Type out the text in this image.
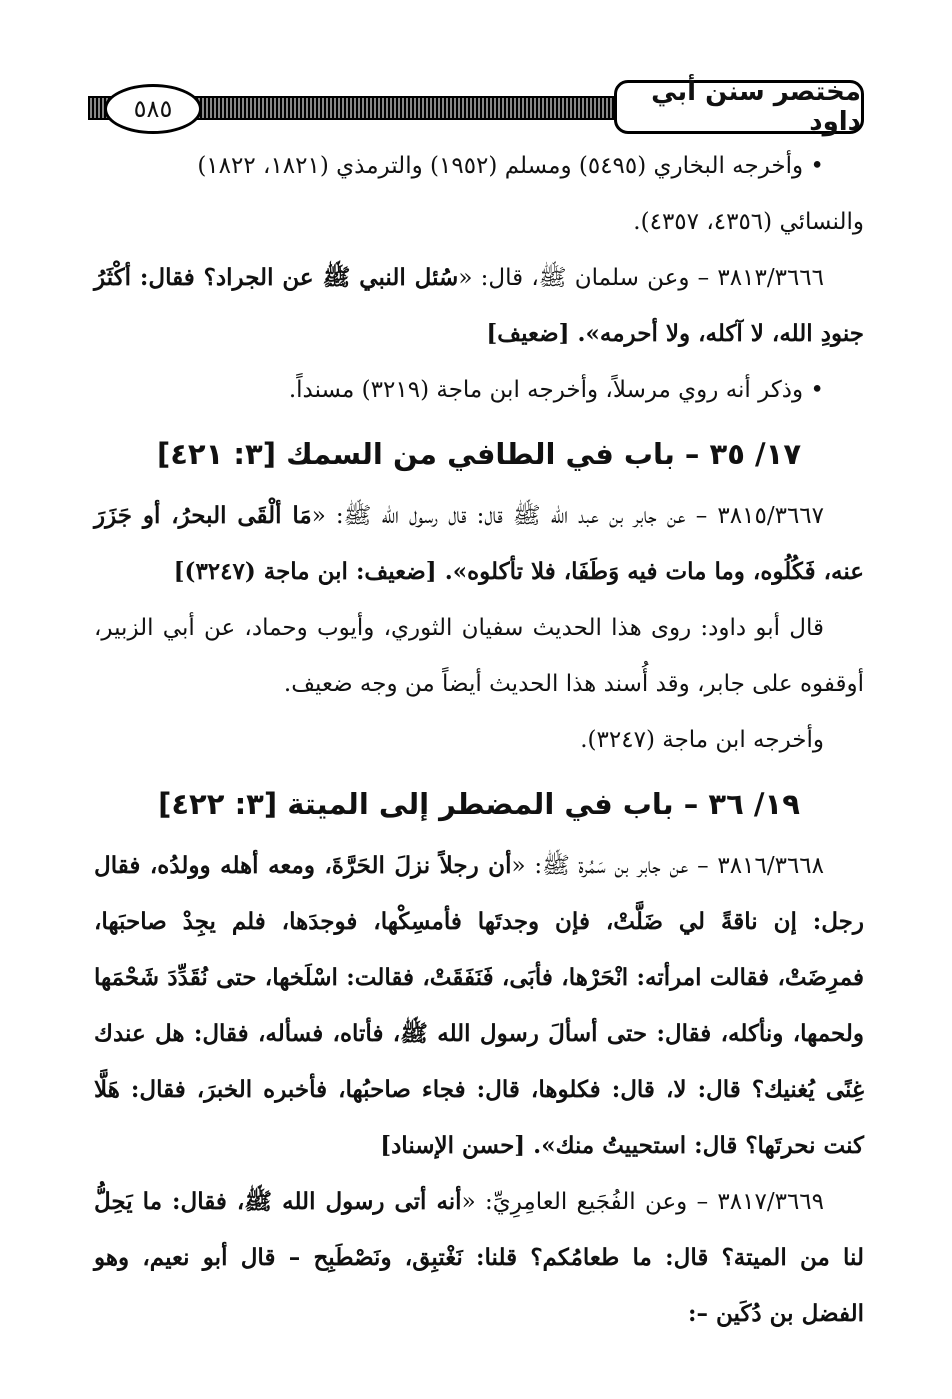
٥٨٥
مختصر سنن أبي داود

• وأخرجه البخاري (٥٤٩٥) ومسلم (١٩٥٢) والترمذي (١٨٢١، ١٨٢٢)
والنسائي (٤٣٥٦، ٤٣٥٧).

٣٨١٣/٣٦٦٦ – وعن سلمان ﷺ، قال: «سُئل النبي ﷺ عن الجراد؟ فقال: أكْثَرُ جنودِ الله، لا آكله، ولا أحرمه». [ضعيف]

• وذكر أنه روي مرسلاً، وأخرجه ابن ماجة (٣٢١٩) مسنداً.

١٧/ ٣٥ – باب في الطافي من السمك [٣: ٤٢١]

٣٨١٥/٣٦٦٧ – عن جابر بن عبد الله ﷺ قال: قال رسول الله ﷺ: «مَا ألْقَى البحرُ، أو جَزَرَ عنه، فَكُلُوه، وما مات فيه وَطَفَا، فلا تأكلوه». [ضعيف: ابن ماجة (٣٢٤٧)]

قال أبو داود: روى هذا الحديث سفيان الثوري، وأيوب وحماد، عن أبي الزبير، أوقفوه على جابر، وقد أُسند هذا الحديث أيضاً من وجه ضعيف.

وأخرجه ابن ماجة (٣٢٤٧).

١٩/ ٣٦ – باب في المضطر إلى الميتة [٣: ٤٢٢]

٣٨١٦/٣٦٦٨ – عن جابر بن سَمُرة ﷺ: «أن رجلاً نزلَ الحَرَّةَ، ومعه أهله وولدُه، فقال رجل: إن ناقةً لي ضَلَّتْ، فإن وجدتَها فأمسِكْها، فوجدَها، فلم يجِدْ صاحبَها، فمرِضَتْ، فقالت امرأته: انْحَرْها، فأبَى، فَنَفَقَتْ، فقالت: اسْلَخها، حتى نُقَدِّدَ شَحْمَها ولحمها، ونأكله، فقال: حتى أسألَ رسول الله ﷺ، فأتاه، فسأله، فقال: هل عندك غِنًى يُغنيك؟ قال: لا، قال: فكلوها، قال: فجاء صاحبُها، فأخبره الخبرَ، فقال: هَلَّا كنت نحرتَها؟ قال: استحييتُ منك». [حسن الإسناد]

٣٨١٧/٣٦٦٩ – وعن الفُجَيع العامِرِيِّ: «أنه أتى رسول الله ﷺ، فقال: ما يَحِلُّ لنا من الميتة؟ قال: ما طعامُكم؟ قلنا: نَغْتبِق، ونَصْطَبِح – قال أبو نعيم، وهو الفضل بن دُكَين –:
